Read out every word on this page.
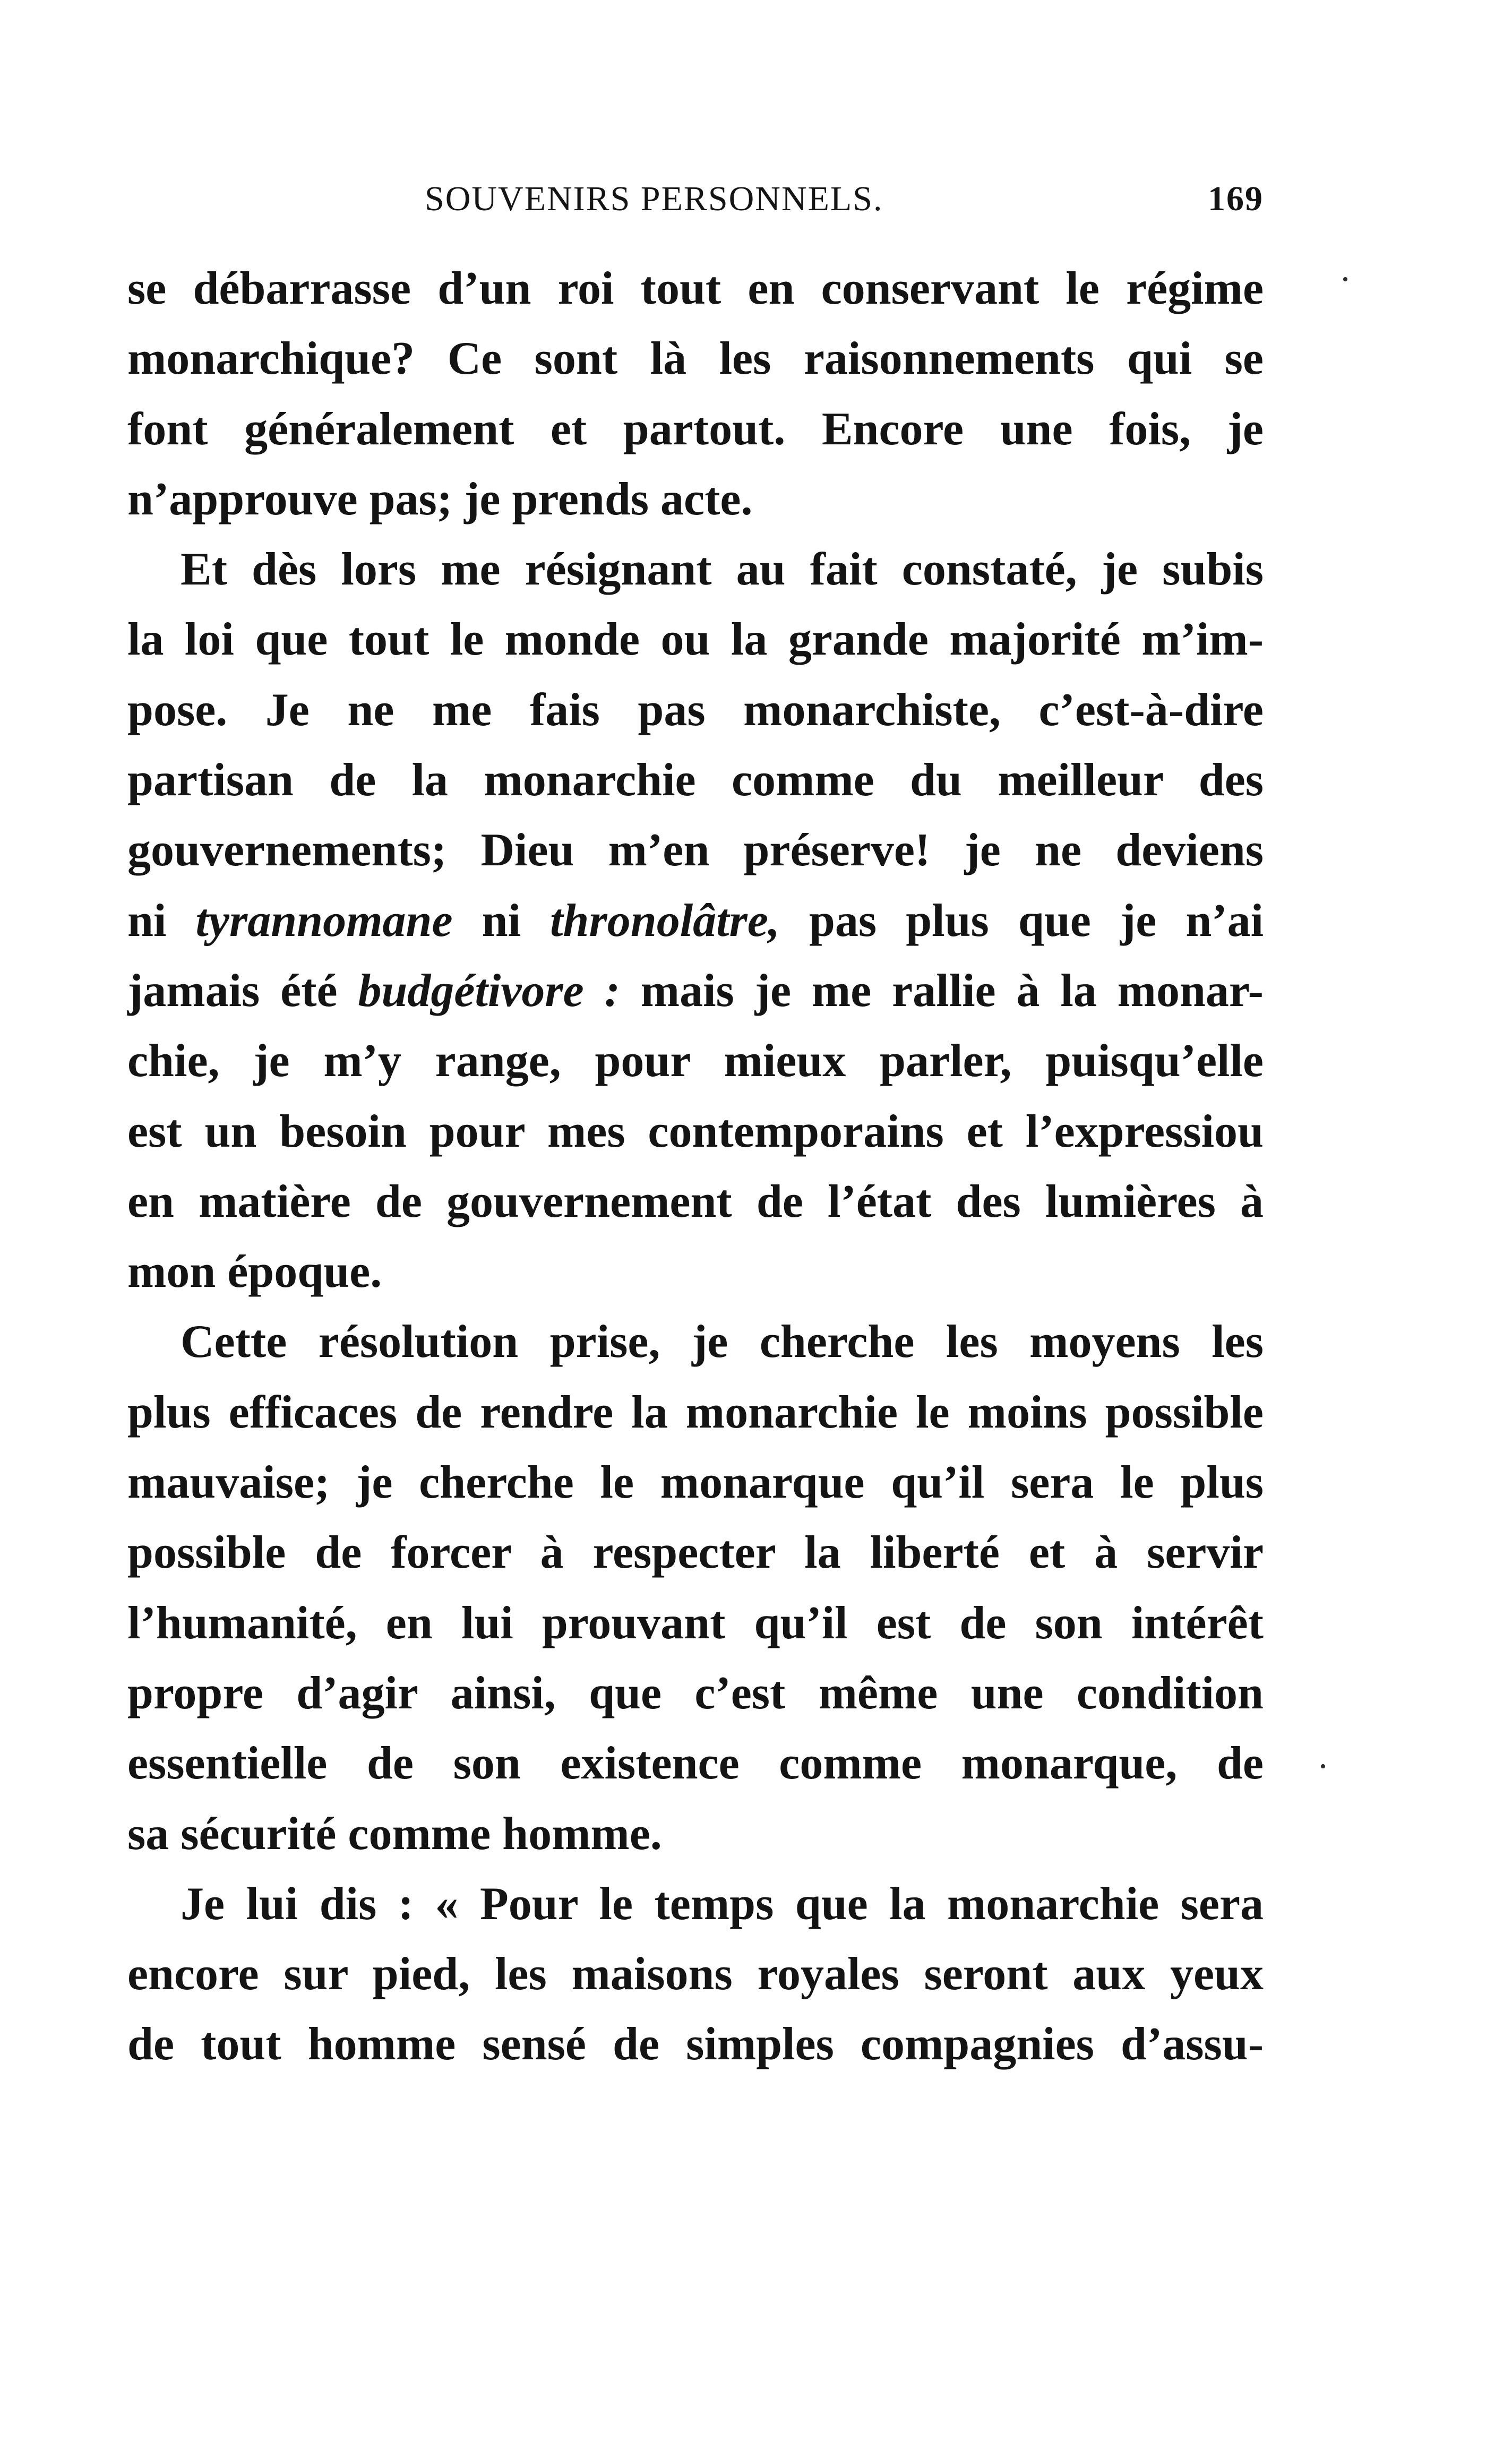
SOUVENIRS PERSONNELS.	169
se débarrasse d’un roi tout en conservant le régime
monarchique? Ce sont là les raisonnements qui se
font généralement et partout. Encore une fois, je
n’approuve pas; je prends acte.
Et dès lors me résignant au fait constaté, je subis
la loi que tout le monde ou la grande majorité m’im-
pose. Je ne me fais pas monarchiste, c’est-à-dire
partisan de la monarchie comme du meilleur des
gouvernements; Dieu m’en préserve! je ne deviens
ni tyrannomane ni thronolâtre, pas plus que je n’ai
jamais été budgétivore : mais je me rallie à la monar-
chie, je m’y range, pour mieux parler, puisqu’elle
est un besoin pour mes contemporains et l’expressiou
en matière de gouvernement de l’état des lumières à
mon époque.
Cette résolution prise, je cherche les moyens les
plus efficaces de rendre la monarchie le moins possible
mauvaise; je cherche le monarque qu’il sera le plus
possible de forcer à respecter la liberté et à servir
l’humanité, en lui prouvant qu’il est de son intérêt
propre d’agir ainsi, que c’est même une condition
essentielle de son existence comme monarque, de
sa sécurité comme homme.
Je lui dis : « Pour le temps que la monarchie sera
encore sur pied, les maisons royales seront aux yeux
de tout homme sensé de simples compagnies d’assu-
